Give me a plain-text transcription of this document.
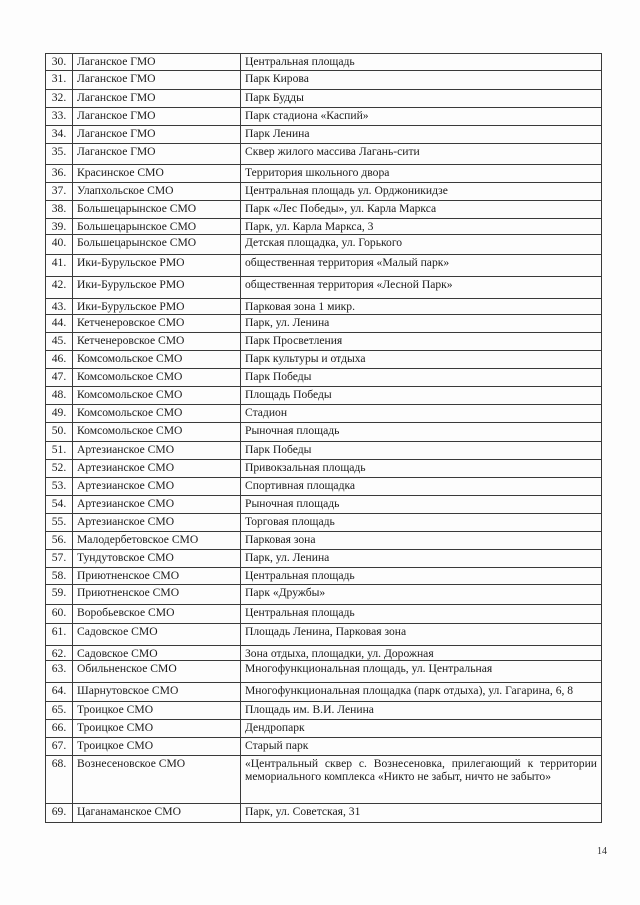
30.	Лаганское ГМО	Центральная площадь
31.	Лаганское ГМО	Парк Кирова
32.	Лаганское ГМО	Парк Будды
33.	Лаганское ГМО	Парк стадиона «Каспий»
34.	Лаганское ГМО	Парк Ленина
35.	Лаганское ГМО	Сквер жилого массива Лагань-сити
36.	Красинское СМО	Территория школьного двора
37.	Улапхольское СМО	Центральная площадь ул. Орджоникидзе
38.	Большецарынское СМО	Парк «Лес Победы», ул. Карла Маркса
39.	Большецарынское СМО	Парк, ул. Карла Маркса, 3
40.	Большецарынское СМО	Детская площадка, ул. Горького
41.	Ики-Бурульское РМО	общественная территория «Малый парк»
42.	Ики-Бурульское РМО	общественная территория «Лесной Парк»
43.	Ики-Бурульское РМО	Парковая зона 1 микр.
44.	Кетченеровское СМО	Парк, ул. Ленина
45.	Кетченеровское СМО	Парк Просветления
46.	Комсомольское СМО	Парк культуры и отдыха
47.	Комсомольское СМО	Парк Победы
48.	Комсомольское СМО	Площадь Победы
49.	Комсомольское СМО	Стадион
50.	Комсомольское СМО	Рыночная площадь
51.	Артезианское СМО	Парк Победы
52.	Артезианское СМО	Привокзальная площадь
53.	Артезианское СМО	Спортивная площадка
54.	Артезианское СМО	Рыночная площадь
55.	Артезианское СМО	Торговая площадь
56.	Малодербетовское СМО	Парковая зона
57.	Тундутовское СМО	Парк, ул. Ленина
58.	Приютненское СМО	Центральная площадь
59.	Приютненское СМО	Парк «Дружбы»
60.	Воробьевское СМО	Центральная площадь
61.	Садовское СМО	Площадь Ленина, Парковая зона
62.	Садовское СМО	Зона отдыха, площадки, ул. Дорожная
63.	Обильненское СМО	Многофункциональная площадь, ул. Центральная
64.	Шарнутовское СМО	Многофункциональная площадка (парк отдыха), ул. Гагарина, 6, 8
65.	Троицкое СМО	Площадь им. В.И. Ленина
66.	Троицкое СМО	Дендропарк
67.	Троицкое СМО	Старый парк
68.	Вознесеновское СМО	«Центральный сквер с. Вознесеновка, прилегающий к территории мемориального комплекса «Никто не забыт, ничто не забыто»
69.	Цаганаманское СМО	Парк, ул. Советская, 31
14
